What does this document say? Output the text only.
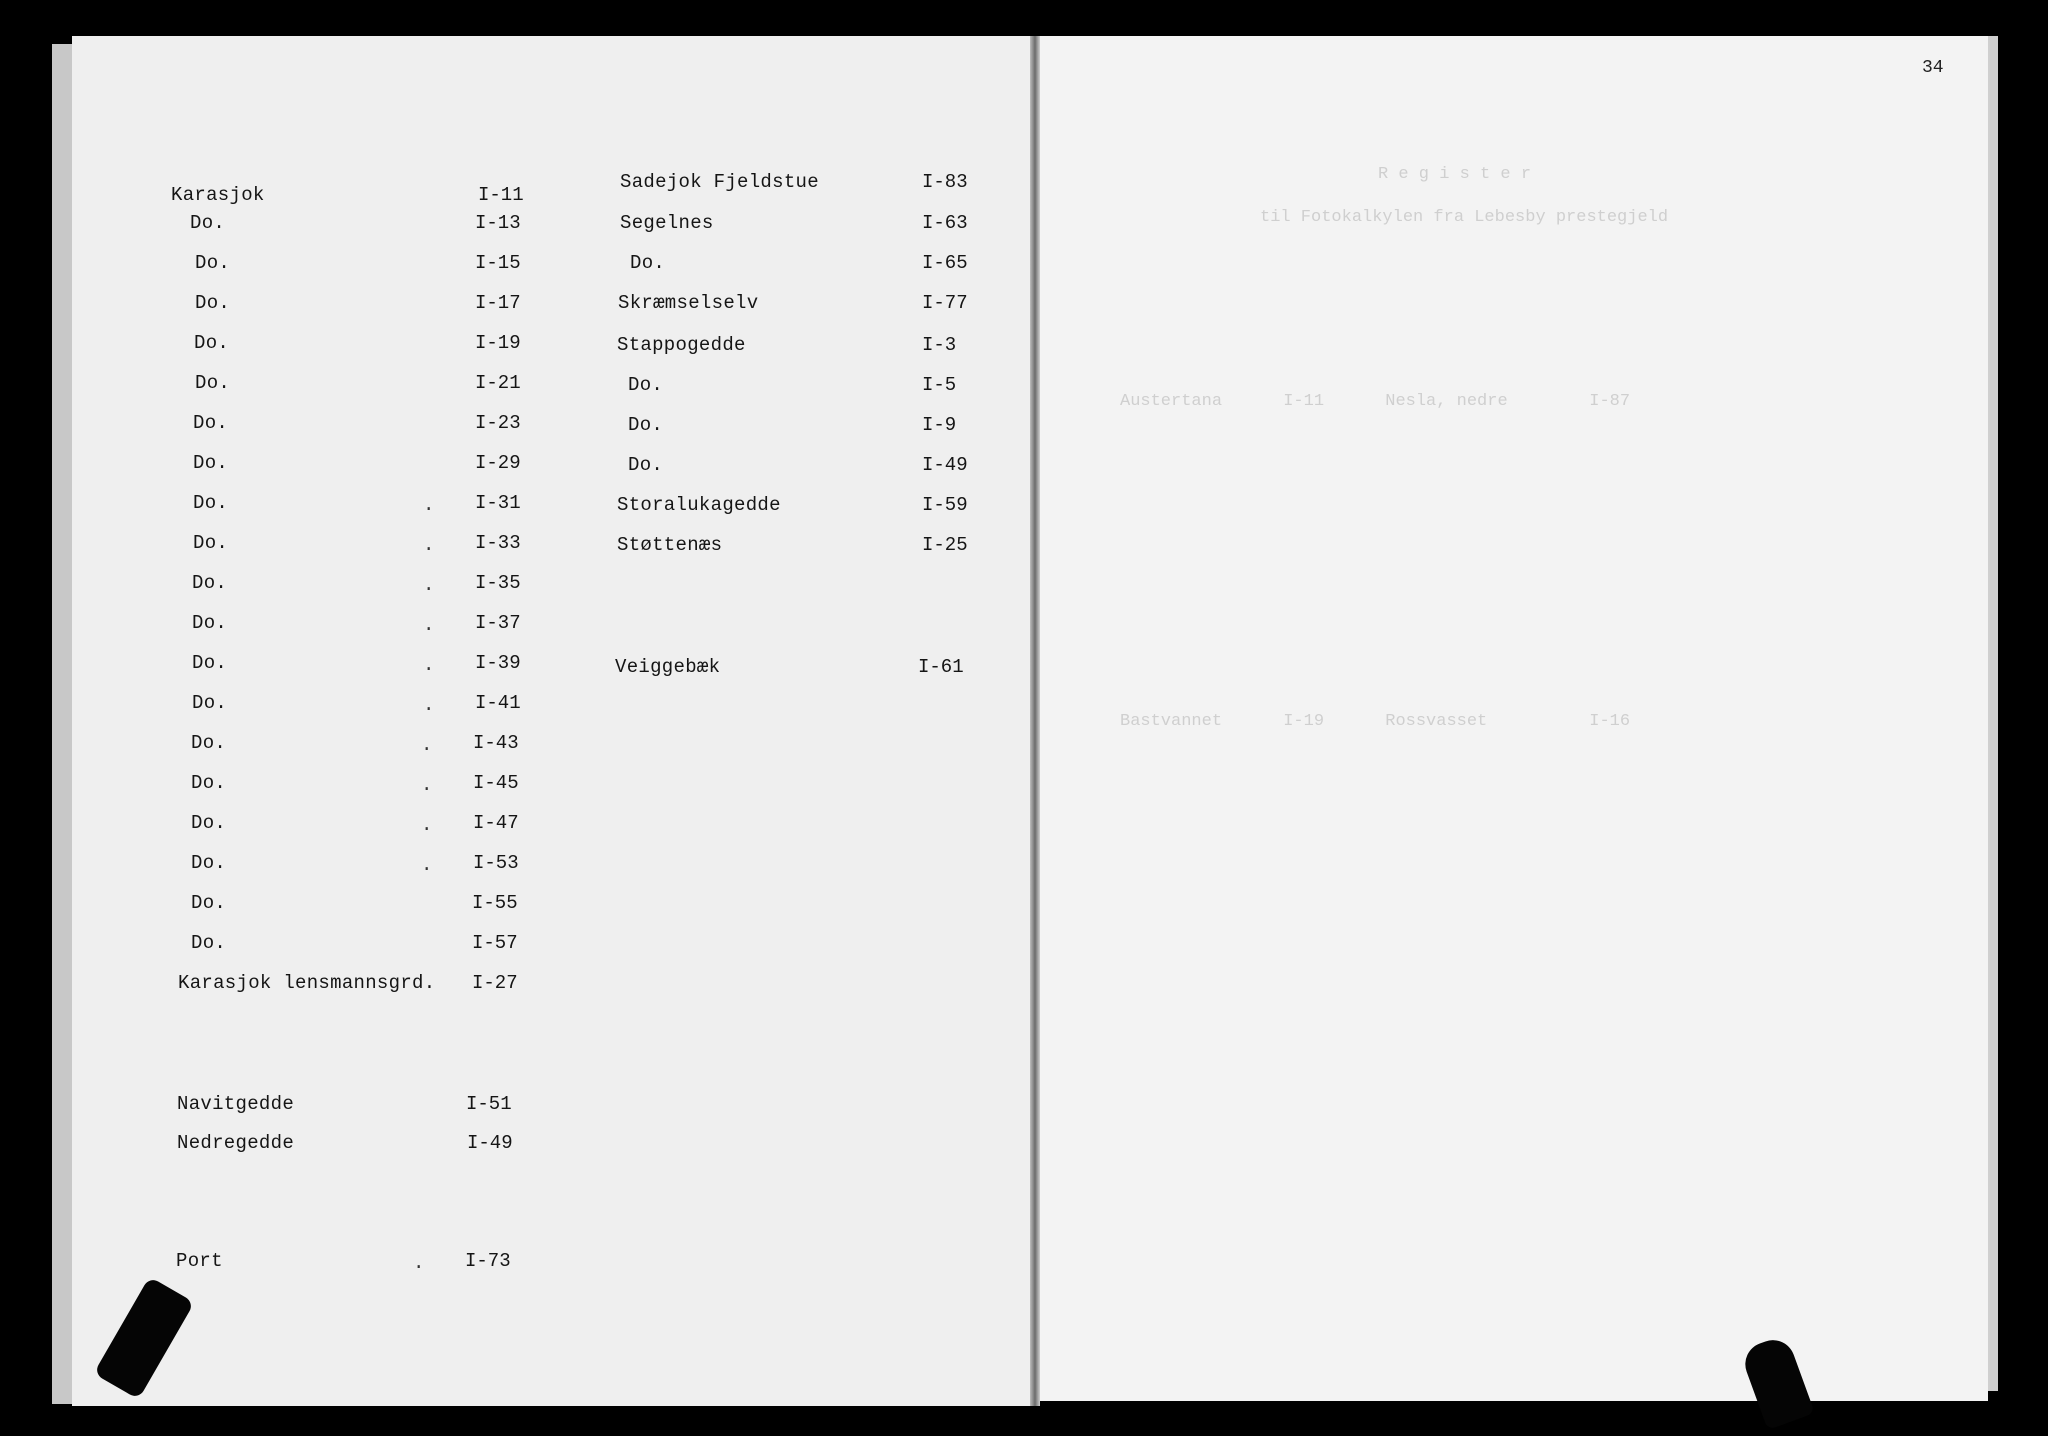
R e g i s t e r
til Fotokalkylen fra Lebesby prestegjeld
Austertana      I-11      Nesla, nedre        I-87
Bastvannet      I-19      Rossvasset          I-16
34
Karasjok	I-11
Do.	I-13
Do.	I-15
Do.	I-17
Do.	I-19
Do.	I-21
Do.	I-23
Do.	I-29
Do.	I-31
.
Do.	I-33
.
Do.	I-35
.
Do.	I-37
.
Do.	I-39
.
Do.	I-41
.
Do.	I-43
.
Do.	I-45
.
Do.	I-47
.
Do.	I-53
.
Do.	I-55
Do.	I-57
Karasjok lensmannsgrd. I-27
Navitgedde	I-51
Nedregedde	I-49
Port	I-73
.
Sadejok Fjeldstue	I-83
Segelnes	I-63
Do.	I-65
Skræmselselv	I-77
Stappogedde	I-3
Do.	I-5
Do.	I-9
Do.	I-49
Storalukagedde	I-59
Støttenæs	I-25
Veiggebæk	I-61
